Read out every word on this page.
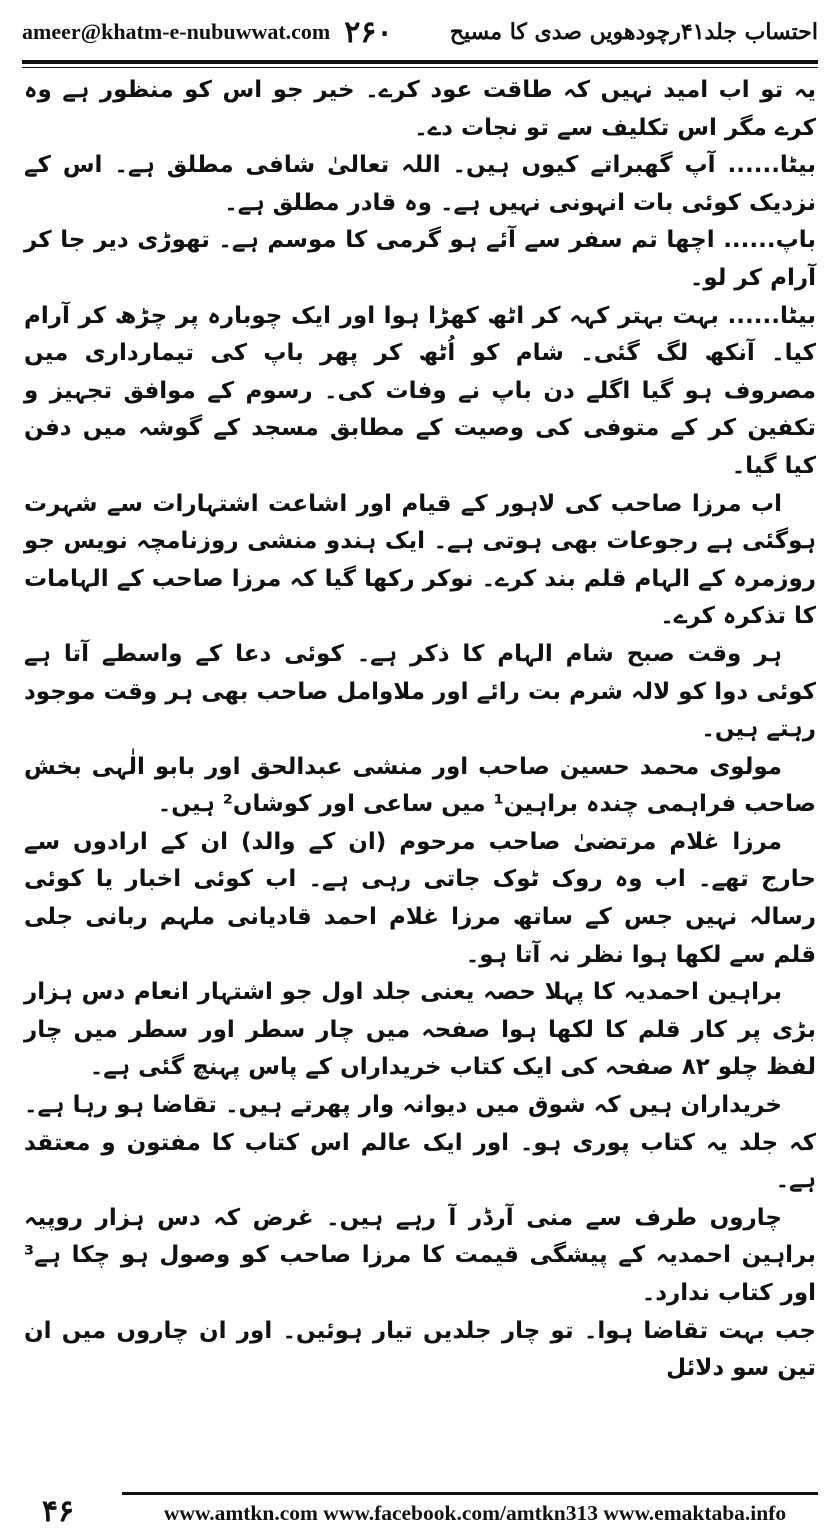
ameer@khatm-e-nubuwwat.com ۲۶۰	احتساب جلد۴۱رچودھویں صدی کا مسیح

یہ تو اب امید نہیں کہ طاقت عود کرے۔ خیر جو اس کو منظور ہے وہ کرے مگر اس تکلیف سے تو نجات دے۔

بیٹا...... آپ گھبراتے کیوں ہیں۔ اللہ تعالیٰ شافی مطلق ہے۔ اس کے نزدیک کوئی بات انہونی نہیں ہے۔ وہ قادر مطلق ہے۔

باپ...... اچھا تم سفر سے آئے ہو گرمی کا موسم ہے۔ تھوڑی دیر جا کر آرام کر لو۔

بیٹا...... بہت بہتر کہہ کر اٹھ کھڑا ہوا اور ایک چوبارہ پر چڑھ کر آرام کیا۔ آنکھ لگ گئی۔ شام کو اُٹھ کر پھر باپ کی تیمارداری میں مصروف ہو گیا اگلے دن باپ نے وفات کی۔ رسوم کے موافق تجہیز و تکفین کر کے متوفی کی وصیت کے مطابق مسجد کے گوشہ میں دفن کیا گیا۔

اب مرزا صاحب کی لاہور کے قیام اور اشاعت اشتہارات سے شہرت ہوگئی ہے رجوعات بھی ہوتی ہے۔ ایک ہندو منشی روزنامچہ نویس جو روزمرہ کے الہام قلم بند کرے۔ نوکر رکھا گیا کہ مرزا صاحب کے الہامات کا تذکرہ کرے۔

ہر وقت صبح شام الہام کا ذکر ہے۔ کوئی دعا کے واسطے آتا ہے کوئی دوا کو لالہ شرم بت رائے اور ملاوامل صاحب بھی ہر وقت موجود رہتے ہیں۔

مولوی محمد حسین صاحب اور منشی عبدالحق اور بابو الٰہی بخش صاحب فراہمی چندہ براہین¹ میں ساعی اور کوشاں² ہیں۔

مرزا غلام مرتضیٰ صاحب مرحوم (ان کے والد) ان کے ارادوں سے حارج تھے۔ اب وہ روک ٹوک جاتی رہی ہے۔ اب کوئی اخبار یا کوئی رسالہ نہیں جس کے ساتھ مرزا غلام احمد قادیانی ملہم ربانی جلی قلم سے لکھا ہوا نظر نہ آتا ہو۔

براہین احمدیہ کا پہلا حصہ یعنی جلد اول جو اشتہار انعام دس ہزار بڑی پر کار قلم کا لکھا ہوا صفحہ میں چار سطر اور سطر میں چار لفظ چلو ۸۲ صفحہ کی ایک کتاب خریداراں کے پاس پہنچ گئی ہے۔

خریداران ہیں کہ شوق میں دیوانہ وار پھرتے ہیں۔ تقاضا ہو رہا ہے۔ کہ جلد یہ کتاب پوری ہو۔ اور ایک عالم اس کتاب کا مفتون و معتقد ہے۔

چاروں طرف سے منی آرڈر آ رہے ہیں۔ غرض کہ دس ہزار روپیہ براہین احمدیہ کے پیشگی قیمت کا مرزا صاحب کو وصول ہو چکا ہے³ اور کتاب ندارد۔

جب بہت تقاضا ہوا۔ تو چار جلدیں تیار ہوئیں۔ اور ان چاروں میں ان تین سو دلائل

۴۶	www.amtkn.com www.facebook.com/amtkn313 www.emaktaba.info
